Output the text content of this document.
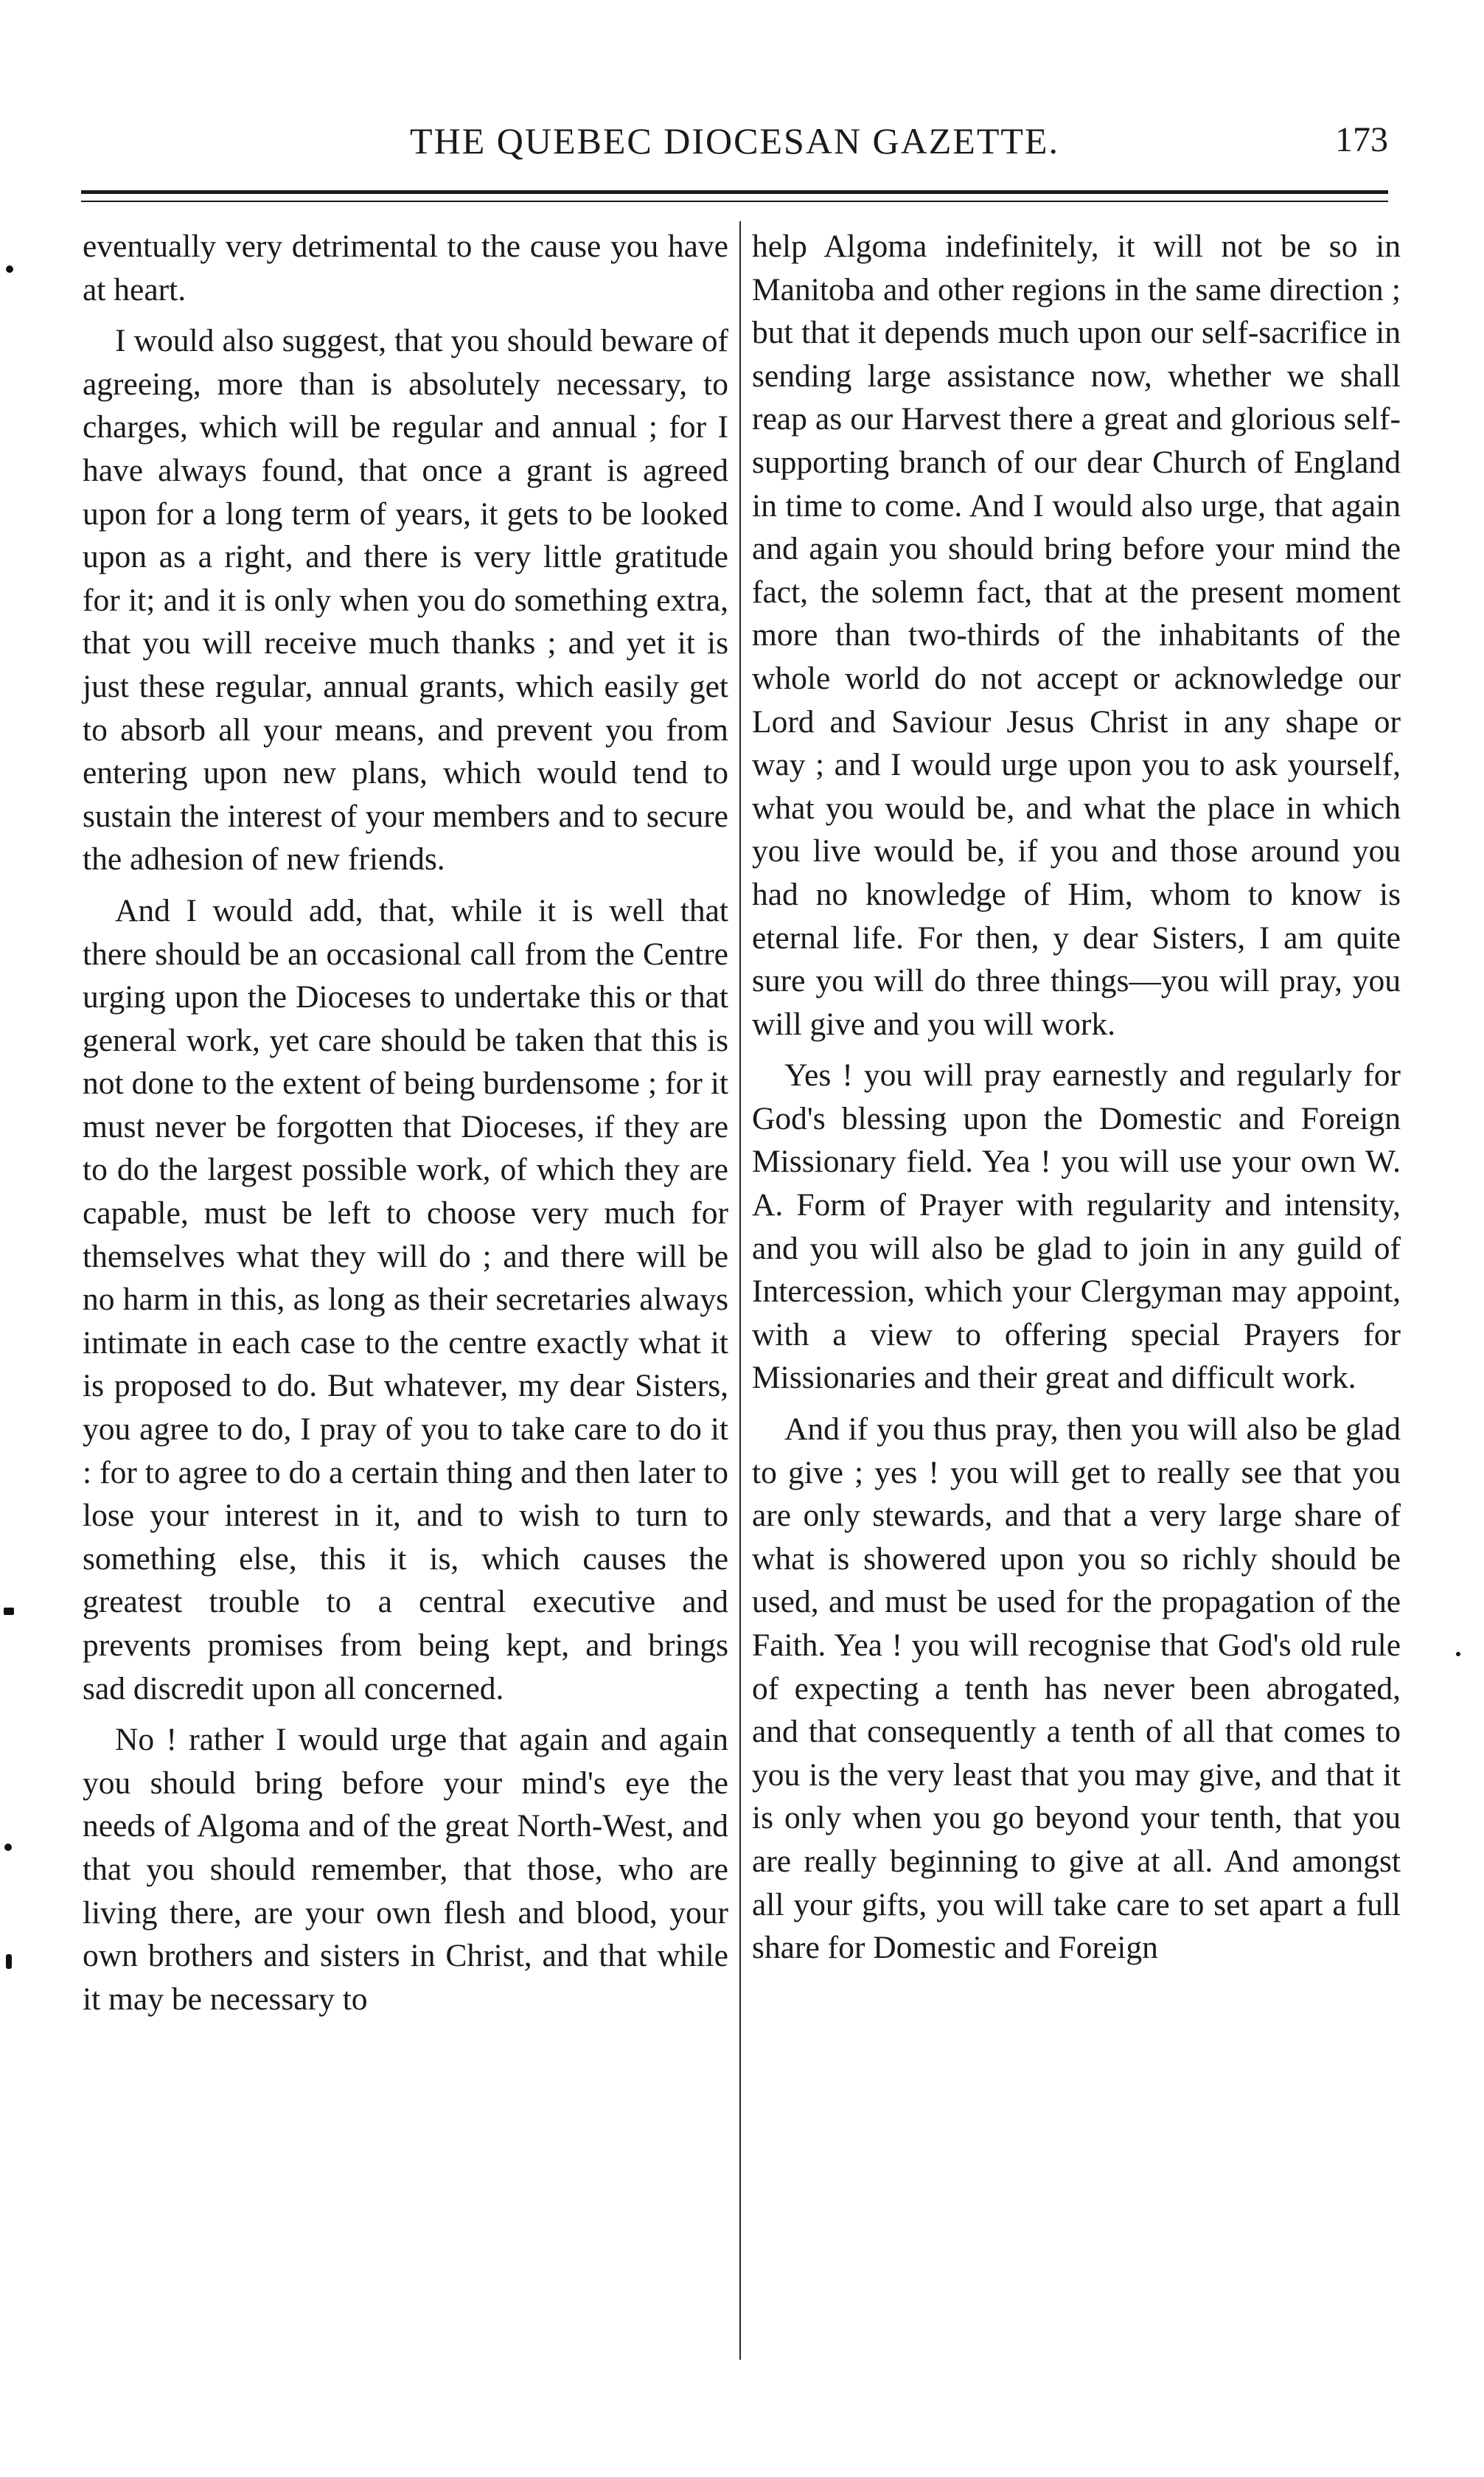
THE QUEBEC DIOCESAN GAZETTE.	173

eventually very detrimental to the cause you have at heart.

I would also suggest, that you should beware of agreeing, more than is absolutely necessary, to charges, which will be regular and annual ; for I have always found, that once a grant is agreed upon for a long term of years, it gets to be looked upon as a right, and there is very little gratitude for it; and it is only when you do something extra, that you will receive much thanks ; and yet it is just these regular, annual grants, which easily get to absorb all your means, and prevent you from entering upon new plans, which would tend to sustain the interest of your members and to secure the adhesion of new friends.

And I would add, that, while it is well that there should be an occasional call from the Centre urging upon the Dioceses to undertake this or that general work, yet care should be taken that this is not done to the extent of being burdensome ; for it must never be forgotten that Dioceses, if they are to do the largest possible work, of which they are capable, must be left to choose very much for themselves what they will do ; and there will be no harm in this, as long as their secretaries always intimate in each case to the centre exactly what it is proposed to do. But whatever, my dear Sisters, you agree to do, I pray of you to take care to do it : for to agree to do a certain thing and then later to lose your interest in it, and to wish to turn to something else, this it is, which causes the greatest trouble to a central executive and prevents promises from being kept, and brings sad discredit upon all concerned.

No ! rather I would urge that again and again you should bring before your mind's eye the needs of Algoma and of the great North-West, and that you should remember, that those, who are living there, are your own flesh and blood, your own brothers and sisters in Christ, and that while it may be necessary to

help Algoma indefinitely, it will not be so in Manitoba and other regions in the same direction ; but that it depends much upon our self-sacrifice in sending large assistance now, whether we shall reap as our Harvest there a great and glorious self-supporting branch of our dear Church of England in time to come. And I would also urge, that again and again you should bring before your mind the fact, the solemn fact, that at the present moment more than two-thirds of the inhabitants of the whole world do not accept or acknowledge our Lord and Saviour Jesus Christ in any shape or way ; and I would urge upon you to ask yourself, what you would be, and what the place in which you live would be, if you and those around you had no knowledge of Him, whom to know is eternal life. For then, y dear Sisters, I am quite sure you will do three things—you will pray, you will give and you will work.

Yes ! you will pray earnestly and regularly for God's blessing upon the Domestic and Foreign Missionary field. Yea ! you will use your own W. A. Form of Prayer with regularity and intensity, and you will also be glad to join in any guild of Intercession, which your Clergyman may appoint, with a view to offering special Prayers for Missionaries and their great and difficult work.

And if you thus pray, then you will also be glad to give ; yes ! you will get to really see that you are only stewards, and that a very large share of what is showered upon you so richly should be used, and must be used for the propagation of the Faith. Yea ! you will recognise that God's old rule of expecting a tenth has never been abrogated, and that consequently a tenth of all that comes to you is the very least that you may give, and that it is only when you go beyond your tenth, that you are really beginning to give at all. And amongst all your gifts, you will take care to set apart a full share for Domestic and Foreign
